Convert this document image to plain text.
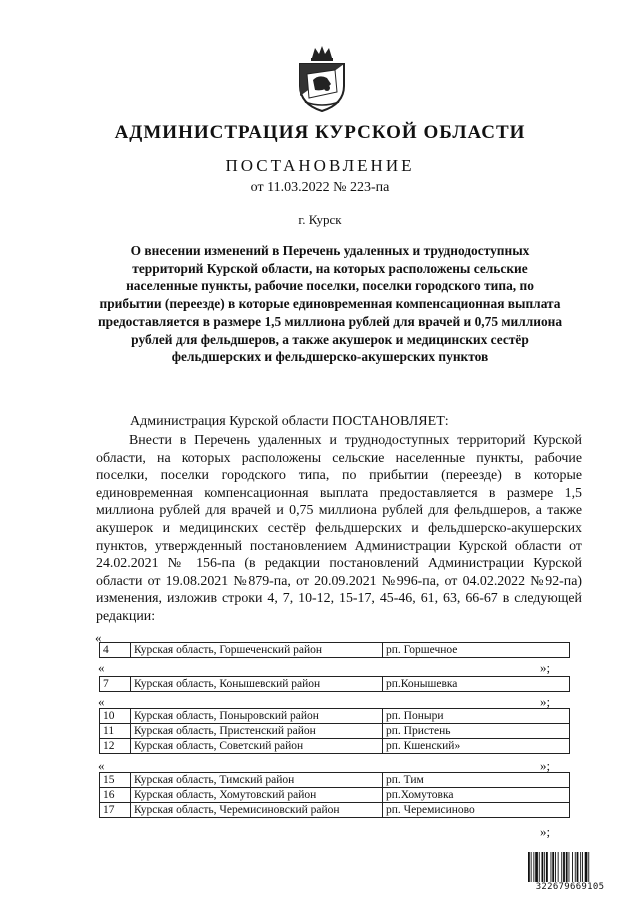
АДМИНИСТРАЦИЯ КУРСКОЙ ОБЛАСТИ
ПОСТАНОВЛЕНИЕ
от 11.03.2022 № 223-па
г. Курск
О внесении изменений в Перечень удаленных и труднодоступных территорий Курской области, на которых расположены сельские населенные пункты, рабочие поселки, поселки городского типа, по прибытии (переезде) в которые единовременная компенсационная выплата предоставляется в размере 1,5 миллиона рублей для врачей и 0,75 миллиона рублей для фельдшеров, а также акушерок и медицинских сестёр фельдшерских и фельдшерско-акушерских пунктов
Администрация Курской области ПОСТАНОВЛЯЕТ:
Внести в Перечень удаленных и труднодоступных территорий Курской области, на которых расположены сельские населенные пункты, рабочие поселки, поселки городского типа, по прибытии (переезде) в которые единовременная компенсационная выплата предоставляется в размере 1,5 миллиона рублей для врачей и 0,75 миллиона рублей для фельдшеров, а также акушерок и медицинских сестёр фельдшерских и фельдшерско-акушерских пунктов, утвержденный постановлением Администрации Курской области от 24.02.2021 № 156-па (в редакции постановлений Администрации Курской области от 19.08.2021 №879-па, от 20.09.2021 №996-па, от 04.02.2022 №92-па) изменения, изложив строки 4, 7, 10-12, 15-17, 45-46, 61, 63, 66-67 в следующей редакции:
«
4	Курская область, Горшеченский район	рп. Горшечное
«	»;
7	Курская область, Конышевский район	рп.Конышевка
«	»;
10	Курская область, Поныровский район	рп. Поныри
11	Курская область, Пристенский район	рп. Пристень
12	Курская область, Советский район	рп. Кшенский»
«	»;
15	Курская область, Тимский район	рп. Тим
16	Курская область, Хомутовский район	рп.Хомутовка
17	Курская область, Черемисиновский район	рп. Черемисиново
»;
322679669105
